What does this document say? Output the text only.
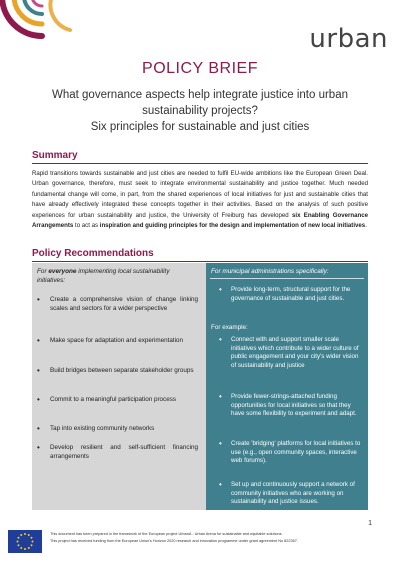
urban
POLICY BRIEF

What governance aspects help integrate justice into urban sustainability projects?

Six principles for sustainable and just cities

Summary
Rapid transitions towards sustainable and just cities are needed to fulfil EU-wide ambitions like the European Green Deal. Urban governance, therefore, must seek to integrate environmental sustainability and justice together. Much needed fundamental change will come, in part, from the shared experiences of local initiatives for just and sustainable cities that have already effectively integrated these concepts together in their activities. Based on the analysis of such positive experiences for urban sustainability and justice, the University of Freiburg has developed six Enabling Governance Arrangements to act as inspiration and guiding principles for the design and implementation of new local initiatives.
Policy Recommendations
For everyone implementing local sustainability initiatives:
• Create a comprehensive vision of change linking scales and sectors for a wider perspective
• Make space for adaptation and experimentation
• Build bridges between separate stakeholder groups
• Commit to a meaningful participation process
• Tap into existing community networks
• Develop resilient and self-sufficient financing arrangements
For municipal administrations specifically:
• Provide long-term, structural support for the governance of sustainable and just cities.
For example:
• Connect with and support smaller scale initiatives which contribute to a wider culture of public engagement and your city's wider vision of sustainability and justice
• Provide fewer-strings-attached funding opportunities for local initiatives so that they have some flexibility to experiment and adapt.
• Create 'bridging' platforms for local initiatives to use (e.g., open community spaces, interactive web forums).
• Set up and continuously support a network of community initiatives who are working on sustainability and justice issues.
1
This document has been prepared in the framework of the European project UrbanA - Urban Arena for sustainable and equitable solutions.
This project has received funding from the European Union's Horizon 2020 research and innovation programme under grant agreement No 822357.
